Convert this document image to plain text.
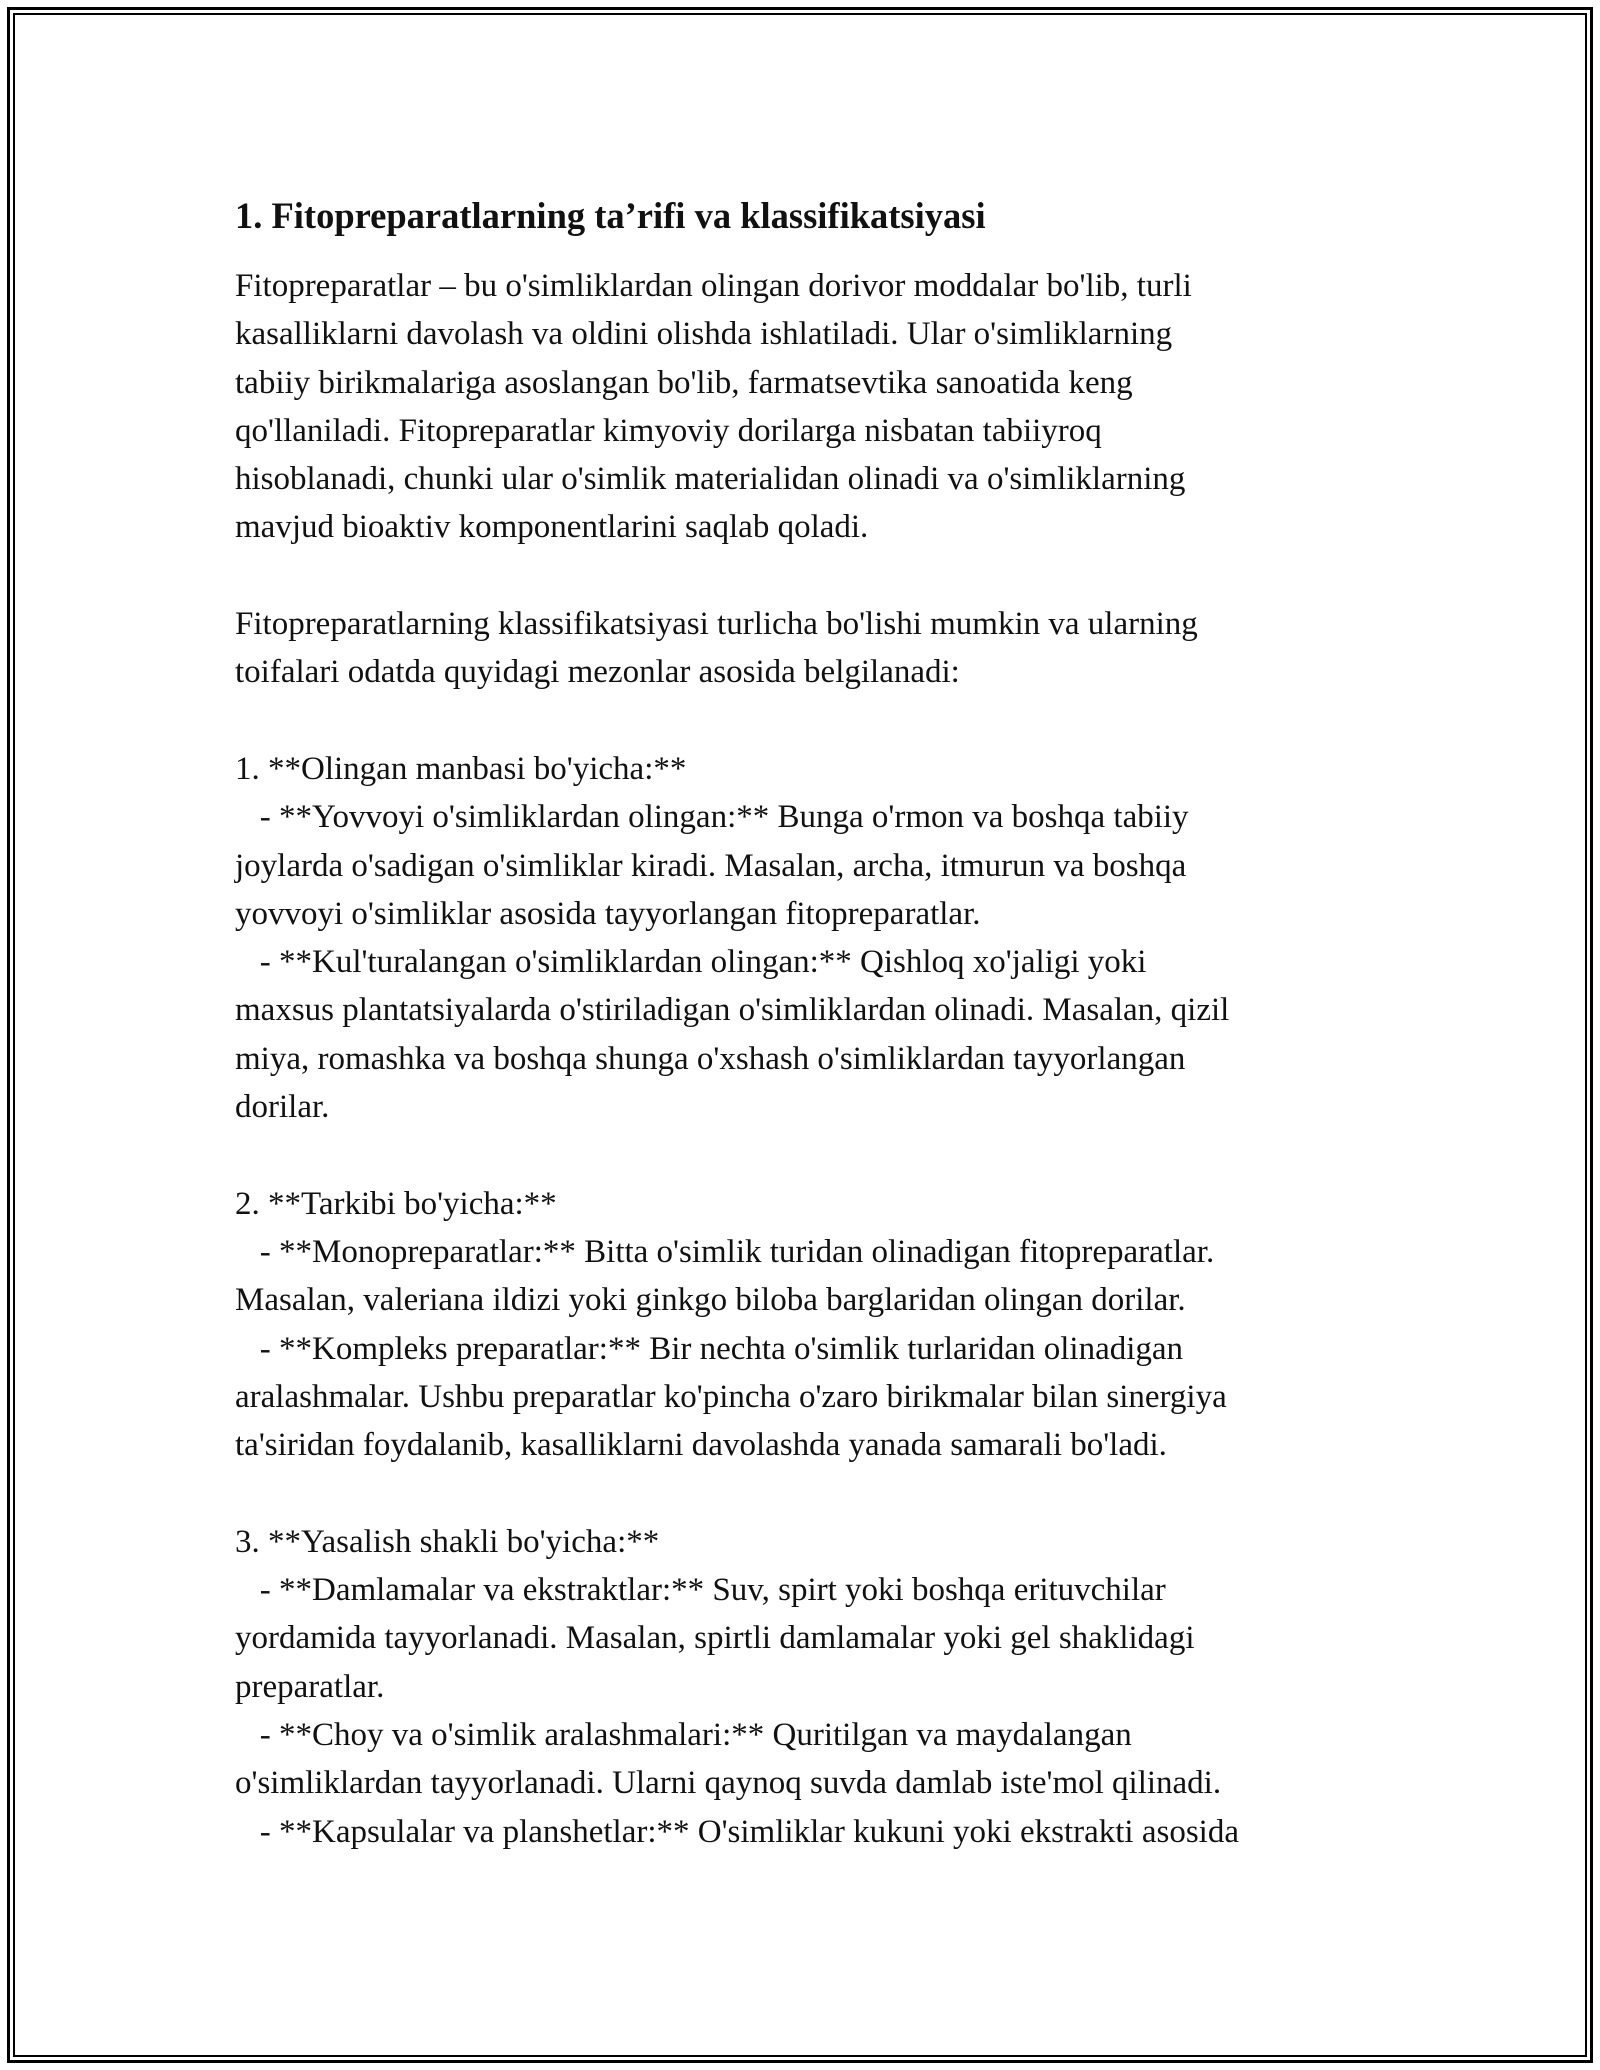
1. Fitopreparatlarning ta’rifi va klassifikatsiyasi
Fitopreparatlar – bu o'simliklardan olingan dorivor moddalar bo'lib, turli
kasalliklarni davolash va oldini olishda ishlatiladi. Ular o'simliklarning
tabiiy birikmalariga asoslangan bo'lib, farmatsevtika sanoatida keng
qo'llaniladi. Fitopreparatlar kimyoviy dorilarga nisbatan tabiiyroq
hisoblanadi, chunki ular o'simlik materialidan olinadi va o'simliklarning
mavjud bioaktiv komponentlarini saqlab qoladi.
Fitopreparatlarning klassifikatsiyasi turlicha bo'lishi mumkin va ularning
toifalari odatda quyidagi mezonlar asosida belgilanadi:
1. **Olingan manbasi bo'yicha:**
- **Yovvoyi o'simliklardan olingan:** Bunga o'rmon va boshqa tabiiy
joylarda o'sadigan o'simliklar kiradi. Masalan, archa, itmurun va boshqa
yovvoyi o'simliklar asosida tayyorlangan fitopreparatlar.
- **Kul'turalangan o'simliklardan olingan:** Qishloq xo'jaligi yoki
maxsus plantatsiyalarda o'stiriladigan o'simliklardan olinadi. Masalan, qizil
miya, romashka va boshqa shunga o'xshash o'simliklardan tayyorlangan
dorilar.
2. **Tarkibi bo'yicha:**
- **Monopreparatlar:** Bitta o'simlik turidan olinadigan fitopreparatlar.
Masalan, valeriana ildizi yoki ginkgo biloba barglaridan olingan dorilar.
- **Kompleks preparatlar:** Bir nechta o'simlik turlaridan olinadigan
aralashmalar. Ushbu preparatlar ko'pincha o'zaro birikmalar bilan sinergiya
ta'siridan foydalanib, kasalliklarni davolashda yanada samarali bo'ladi.
3. **Yasalish shakli bo'yicha:**
- **Damlamalar va ekstraktlar:** Suv, spirt yoki boshqa erituvchilar
yordamida tayyorlanadi. Masalan, spirtli damlamalar yoki gel shaklidagi
preparatlar.
- **Choy va o'simlik aralashmalari:** Quritilgan va maydalangan
o'simliklardan tayyorlanadi. Ularni qaynoq suvda damlab iste'mol qilinadi.
- **Kapsulalar va planshetlar:** O'simliklar kukuni yoki ekstrakti asosida
